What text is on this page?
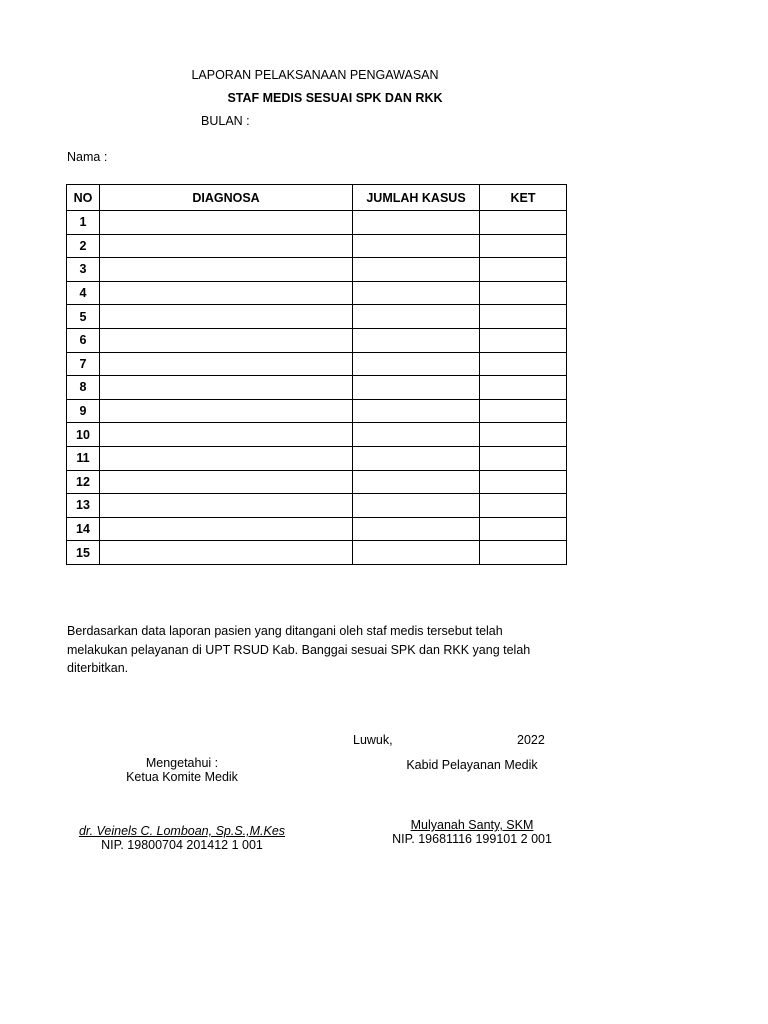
LAPORAN PELAKSANAAN PENGAWASAN
STAF MEDIS SESUAI SPK DAN RKK
BULAN :
Nama :
NO	DIAGNOSA	JUMLAH KASUS	KET
1			
2			
3			
4			
5			
6			
7			
8			
9			
10			
11			
12			
13			
14			
15			
Berdasarkan data laporan pasien yang ditangani oleh staf medis tersebut telah melakukan pelayanan di UPT RSUD Kab. Banggai sesuai SPK dan RKK yang telah diterbitkan.
Luwuk,	2022
Mengetahui :
Ketua Komite Medik
dr. Veinels C. Lomboan, Sp.S.,M.Kes
NIP. 19800704 201412 1 001
Kabid Pelayanan Medik
Mulyanah Santy, SKM
NIP. 19681116 199101 2 001
